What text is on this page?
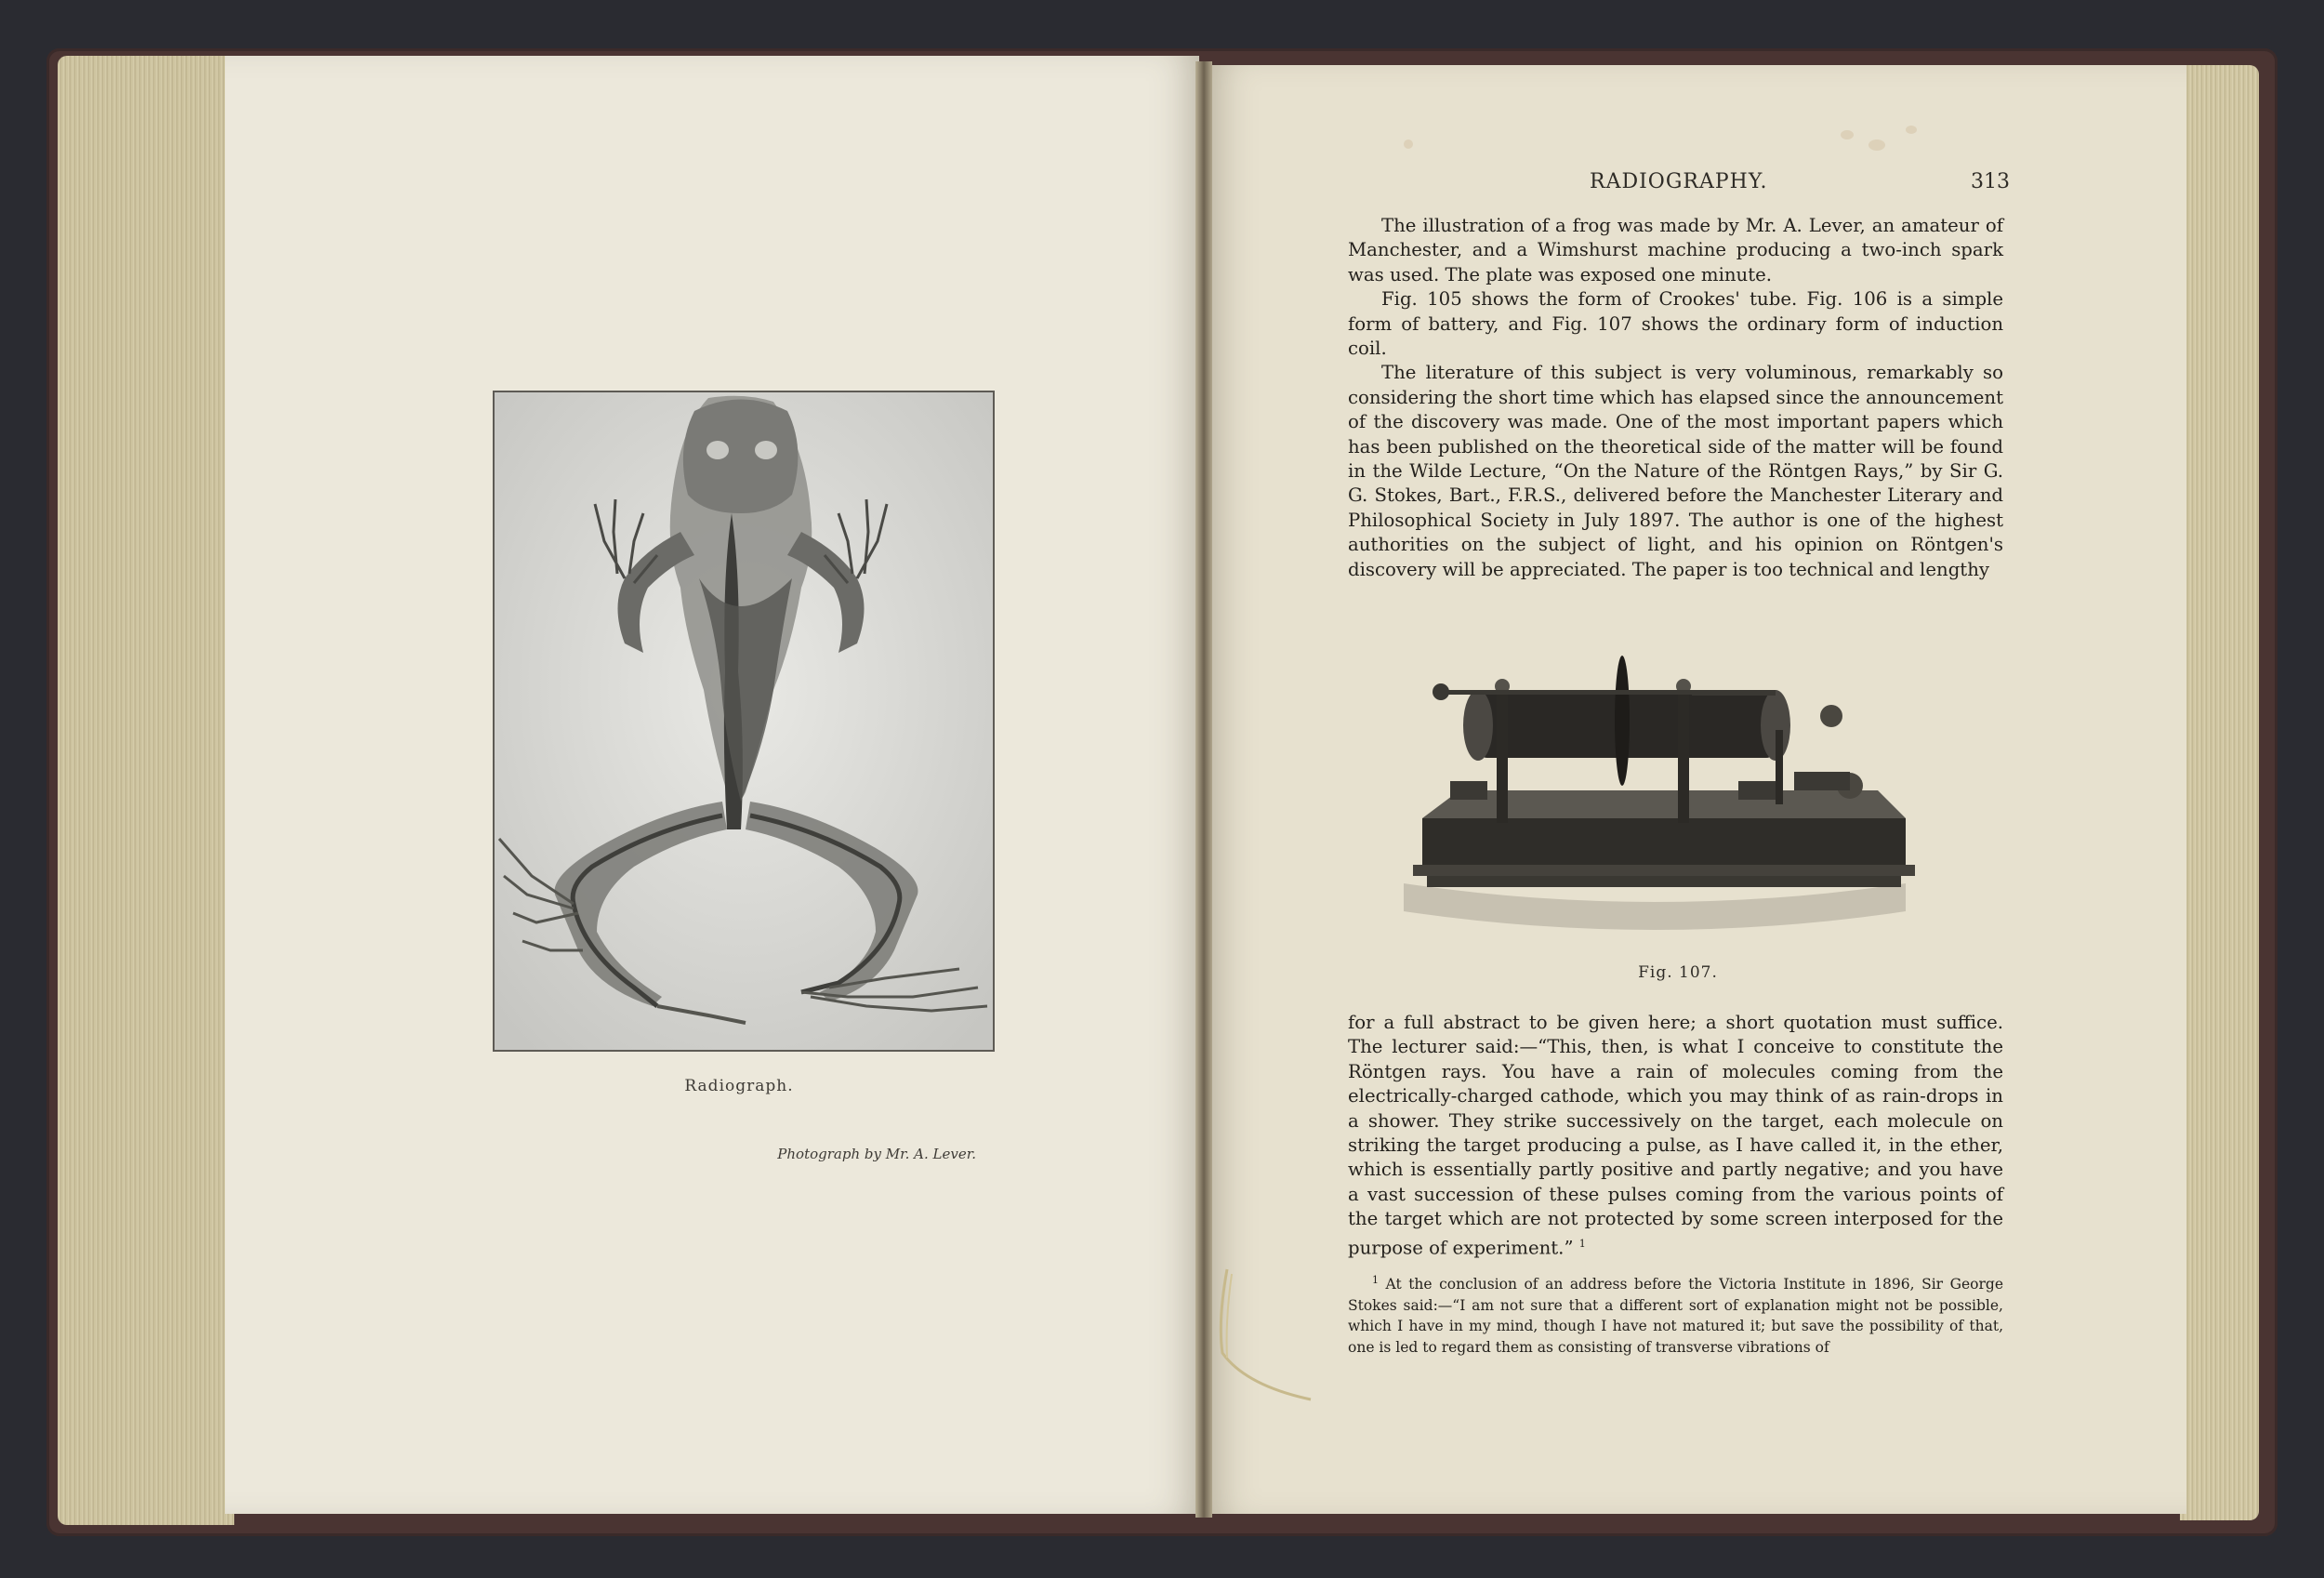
Radiograph.
Photograph by Mr. A. Lever.
RADIOGRAPHY.	313

The illustration of a frog was made by Mr. A. Lever, an amateur of Manchester, and a Wimshurst machine producing a two-inch spark was used. The plate was exposed one minute.

Fig. 105 shows the form of Crookes' tube. Fig. 106 is a simple form of battery, and Fig. 107 shows the ordinary form of induction coil.

The literature of this subject is very voluminous, remarkably so considering the short time which has elapsed since the announcement of the discovery was made. One of the most important papers which has been published on the theoretical side of the matter will be found in the Wilde Lecture, “On the Nature of the Röntgen Rays,” by Sir G. G. Stokes, Bart., F.R.S., delivered before the Manchester Literary and Philosophical Society in July 1897. The author is one of the highest authorities on the subject of light, and his opinion on Röntgen's discovery will be appreciated. The paper is too technical and lengthy

Fig. 107.

for a full abstract to be given here; a short quotation must suffice. The lecturer said:—“This, then, is what I conceive to constitute the Röntgen rays. You have a rain of molecules coming from the electrically-charged cathode, which you may think of as rain-drops in a shower. They strike successively on the target, each molecule on striking the target producing a pulse, as I have called it, in the ether, which is essentially partly positive and partly negative; and you have a vast succession of these pulses coming from the various points of the target which are not protected by some screen interposed for the purpose of experiment.” $^1$

$^1$ At the conclusion of an address before the Victoria Institute in 1896, Sir George Stokes said:—“I am not sure that a different sort of explanation might not be possible, which I have in my mind, though I have not matured it; but save the possibility of that, one is led to regard them as consisting of transverse vibrations of
